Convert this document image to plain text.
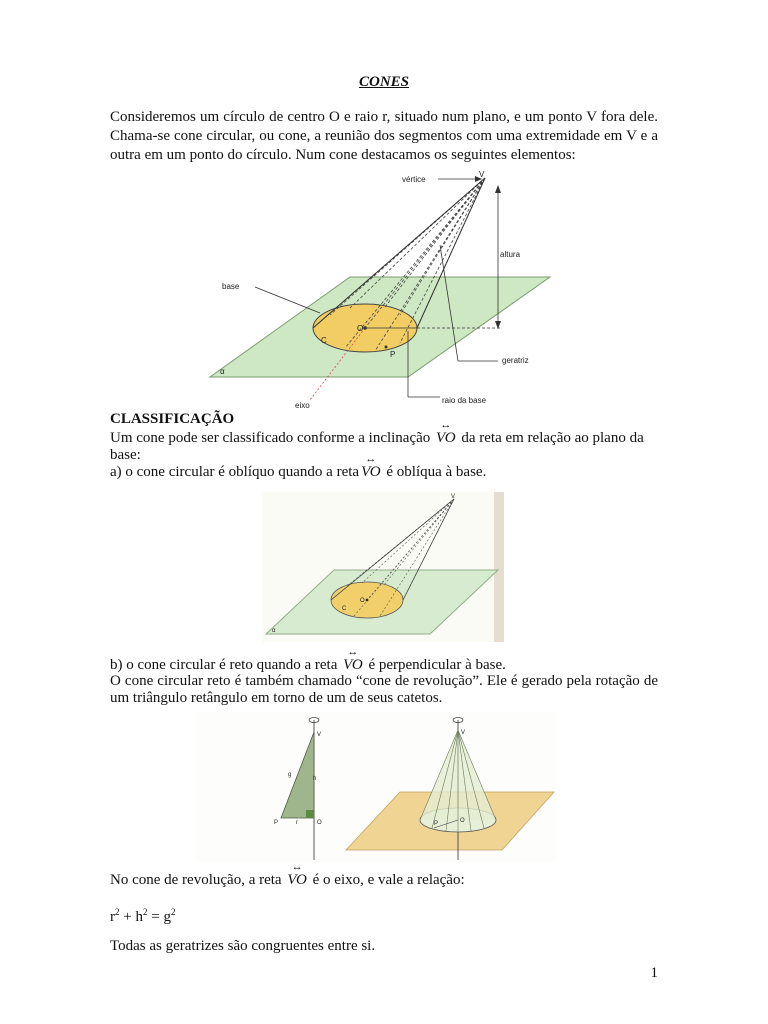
CONES
Consideremos um círculo de centro O e raio r, situado num plano, e um ponto V fora dele. Chama-se cone circular, ou cone, a reunião dos segmentos com uma extremidade em V e a outra em um ponto do círculo. Num cone destacamos os seguintes elementos:
vértice
V
altura
base
O
C
P
geratriz
α
eixo
raio da base
CLASSIFICAÇÃO
Um cone pode ser classificado conforme a inclinação
↔
VO da reta em relação ao plano da
base:
a) o cone circular é oblíquo quando a reta
↔
VO é oblíqua à base.
V
O
C
α
b) o cone circular é reto quando a reta
↔
VO é perpendicular à base.
O cone circular reto é também chamado “cone de revolução”. Ele é gerado pela rotação de um triângulo retângulo em torno de um de seus catetos.
V
g
h
P	r	O
V
O
P
No cone de revolução, a reta
↔
VO é o eixo, e vale a relação:
$r^2 + h^2 = g^2$
Todas as geratrizes são congruentes entre si.
1
